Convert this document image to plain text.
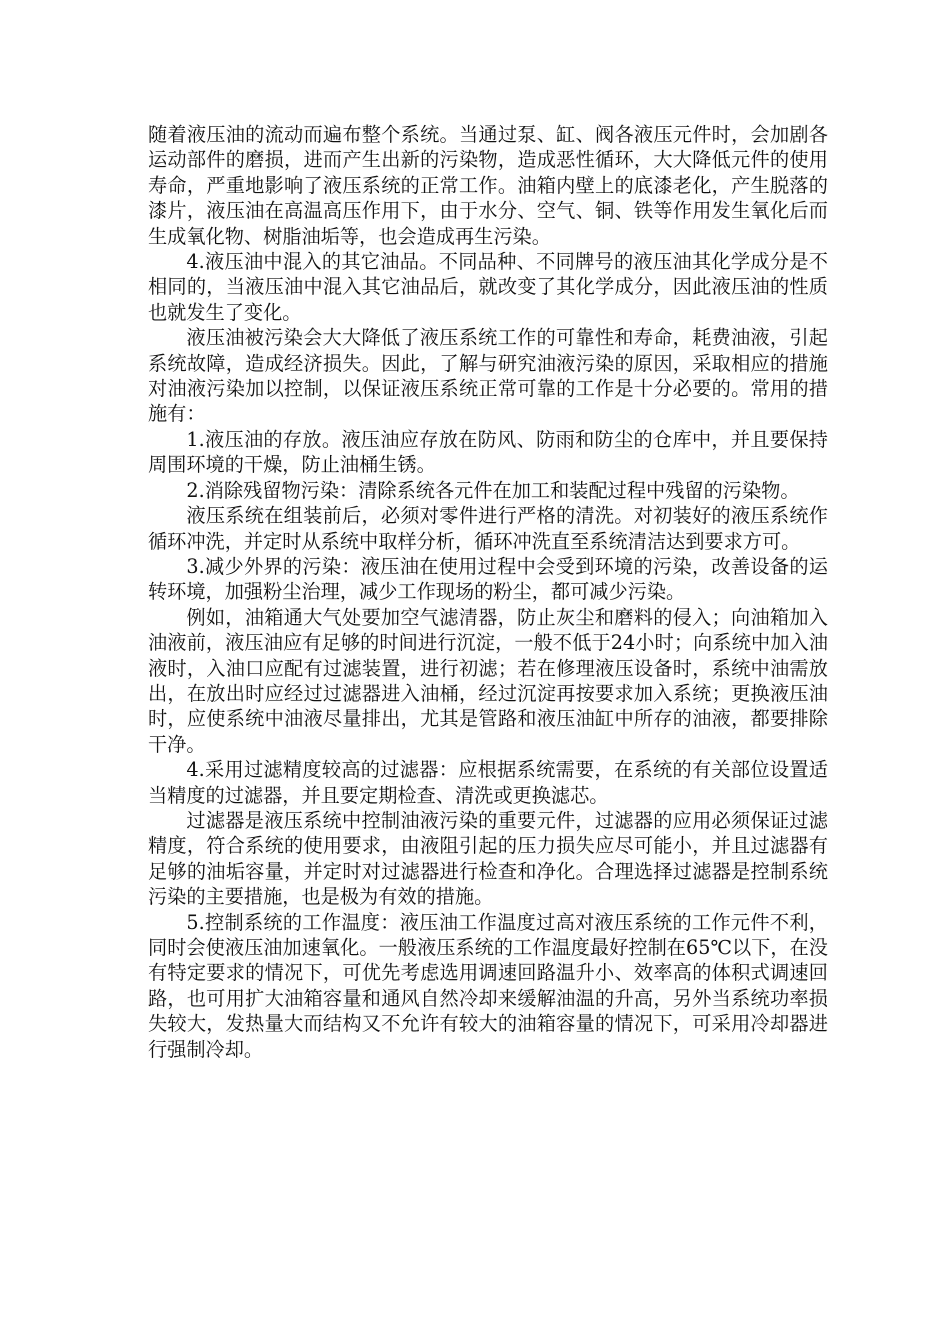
随着液压油的流动而遍布整个系统。当通过泵、缸、阀各液压元件时，会加剧各运动部件的磨损，进而产生出新的污染物，造成恶性循环，大大降低元件的使用寿命，严重地影响了液压系统的正常工作。油箱内壁上的底漆老化，产生脱落的漆片，液压油在高温高压作用下，由于水分、空气、铜、铁等作用发生氧化后而生成氧化物、树脂油垢等，也会造成再生污染。

4.液压油中混入的其它油品。不同品种、不同牌号的液压油其化学成分是不相同的，当液压油中混入其它油品后，就改变了其化学成分，因此液压油的性质也就发生了变化。

液压油被污染会大大降低了液压系统工作的可靠性和寿命，耗费油液，引起系统故障，造成经济损失。因此，了解与研究油液污染的原因，采取相应的措施对油液污染加以控制，以保证液压系统正常可靠的工作是十分必要的。常用的措施有：

1.液压油的存放。液压油应存放在防风、防雨和防尘的仓库中，并且要保持周围环境的干燥，防止油桶生锈。

2.消除残留物污染：清除系统各元件在加工和装配过程中残留的污染物。

液压系统在组装前后，必须对零件进行严格的清洗。对初装好的液压系统作循环冲洗，并定时从系统中取样分析，循环冲洗直至系统清洁达到要求方可。

3.减少外界的污染：液压油在使用过程中会受到环境的污染，改善设备的运转环境，加强粉尘治理，减少工作现场的粉尘，都可减少污染。

例如，油箱通大气处要加空气滤清器，防止灰尘和磨料的侵入；向油箱加入油液前，液压油应有足够的时间进行沉淀，一般不低于24小时；向系统中加入油液时，入油口应配有过滤装置，进行初滤；若在修理液压设备时，系统中油需放出，在放出时应经过过滤器进入油桶，经过沉淀再按要求加入系统；更换液压油时，应使系统中油液尽量排出，尤其是管路和液压油缸中所存的油液，都要排除干净。

4.采用过滤精度较高的过滤器：应根据系统需要，在系统的有关部位设置适当精度的过滤器，并且要定期检查、清洗或更换滤芯。

过滤器是液压系统中控制油液污染的重要元件，过滤器的应用必须保证过滤精度，符合系统的使用要求，由液阻引起的压力损失应尽可能小，并且过滤器有足够的油垢容量，并定时对过滤器进行检查和净化。合理选择过滤器是控制系统污染的主要措施，也是极为有效的措施。

5.控制系统的工作温度：液压油工作温度过高对液压系统的工作元件不利，同时会使液压油加速氧化。一般液压系统的工作温度最好控制在65℃以下，在没有特定要求的情况下，可优先考虑选用调速回路温升小、效率高的体积式调速回路，也可用扩大油箱容量和通风自然冷却来缓解油温的升高，另外当系统功率损失较大，发热量大而结构又不允许有较大的油箱容量的情况下，可采用冷却器进行强制冷却。
